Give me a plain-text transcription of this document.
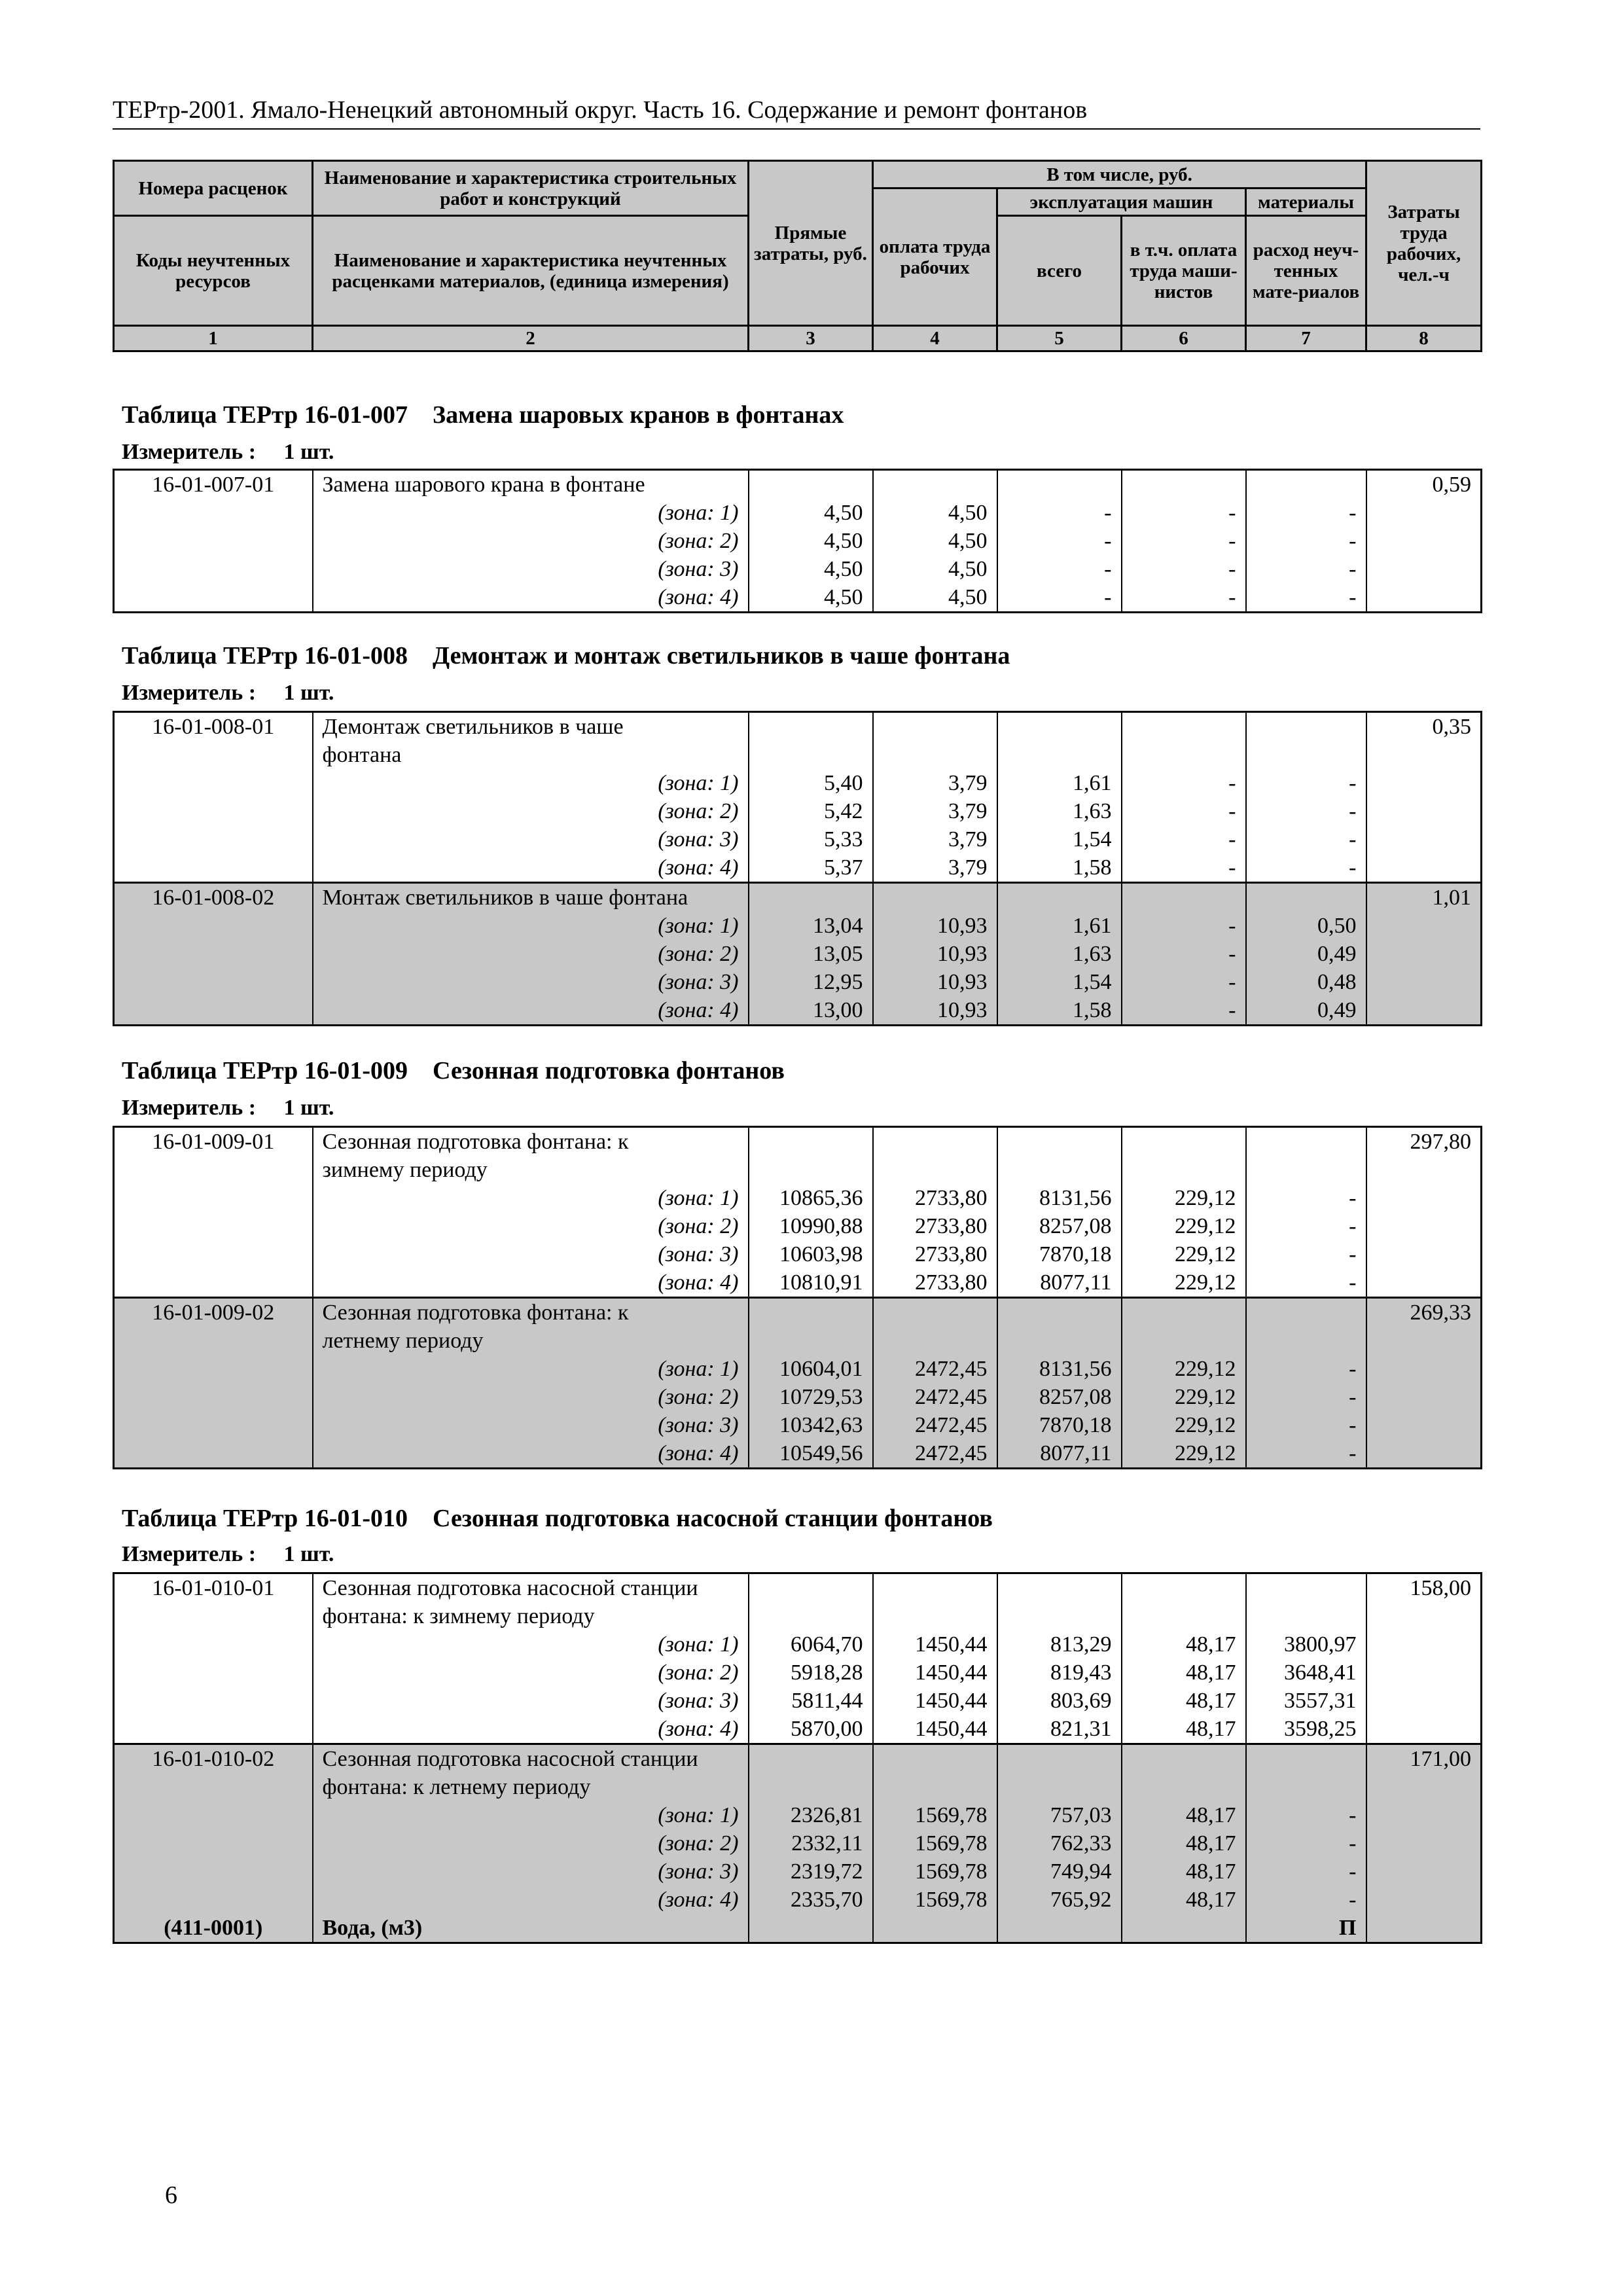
ТЕРтр-2001. Ямало-Ненецкий автономный округ. Часть 16. Содержание и ремонт фонтанов
Номера расценок	Наименование и характеристика строительных работ и конструкций	Прямые затраты, руб.	В том числе, руб.				Затраты труда рабочих, чел.-ч
			оплата труда рабочих	эксплуатация машин		материалы	
Коды неучтенных ресурсов	Наименование и характеристика неучтенных расценками материалов, (единица измерения)			всего	в т.ч. оплата труда маши-нистов	расход неуч-тенных мате-риалов	

1	2	3	4	5	6	7	8
Таблица ТЕРтр 16-01-007    Замена шаровых кранов в фонтанах
Измеритель :     1 шт.
16-01-007-01	Замена шарового крана в фонтане						0,59
	(зона: 1)	4,50	4,50	-	-	-	
	(зона: 2)	4,50	4,50	-	-	-	
	(зона: 3)	4,50	4,50	-	-	-	
	(зона: 4)	4,50	4,50	-	-	-	
Таблица ТЕРтр 16-01-008    Демонтаж и монтаж светильников в чаше фонтана
Измеритель :     1 шт.
16-01-008-01	Демонтаж светильников в чаше						0,35
	фонтана						
	(зона: 1)	5,40	3,79	1,61	-	-	
	(зона: 2)	5,42	3,79	1,63	-	-	
	(зона: 3)	5,33	3,79	1,54	-	-	
	(зона: 4)	5,37	3,79	1,58	-	-	
16-01-008-02	Монтаж светильников в чаше фонтана						1,01
	(зона: 1)	13,04	10,93	1,61	-	0,50	
	(зона: 2)	13,05	10,93	1,63	-	0,49	
	(зона: 3)	12,95	10,93	1,54	-	0,48	
	(зона: 4)	13,00	10,93	1,58	-	0,49	
Таблица ТЕРтр 16-01-009    Сезонная подготовка фонтанов
Измеритель :     1 шт.
16-01-009-01	Сезонная подготовка фонтана: к						297,80
	зимнему периоду						
	(зона: 1)	10865,36	2733,80	8131,56	229,12	-	
	(зона: 2)	10990,88	2733,80	8257,08	229,12	-	
	(зона: 3)	10603,98	2733,80	7870,18	229,12	-	
	(зона: 4)	10810,91	2733,80	8077,11	229,12	-	
16-01-009-02	Сезонная подготовка фонтана: к						269,33
	летнему периоду						
	(зона: 1)	10604,01	2472,45	8131,56	229,12	-	
	(зона: 2)	10729,53	2472,45	8257,08	229,12	-	
	(зона: 3)	10342,63	2472,45	7870,18	229,12	-	
	(зона: 4)	10549,56	2472,45	8077,11	229,12	-	
Таблица ТЕРтр 16-01-010    Сезонная подготовка насосной станции фонтанов
Измеритель :     1 шт.
16-01-010-01	Сезонная подготовка насосной станции						158,00
	фонтана: к зимнему периоду						
	(зона: 1)	6064,70	1450,44	813,29	48,17	3800,97	
	(зона: 2)	5918,28	1450,44	819,43	48,17	3648,41	
	(зона: 3)	5811,44	1450,44	803,69	48,17	3557,31	
	(зона: 4)	5870,00	1450,44	821,31	48,17	3598,25	
16-01-010-02	Сезонная подготовка насосной станции						171,00
	фонтана: к летнему периоду						
	(зона: 1)	2326,81	1569,78	757,03	48,17	-	
	(зона: 2)	2332,11	1569,78	762,33	48,17	-	
	(зона: 3)	2319,72	1569,78	749,94	48,17	-	
	(зона: 4)	2335,70	1569,78	765,92	48,17	-	
(411-0001)	Вода, (м3)					П	
6
